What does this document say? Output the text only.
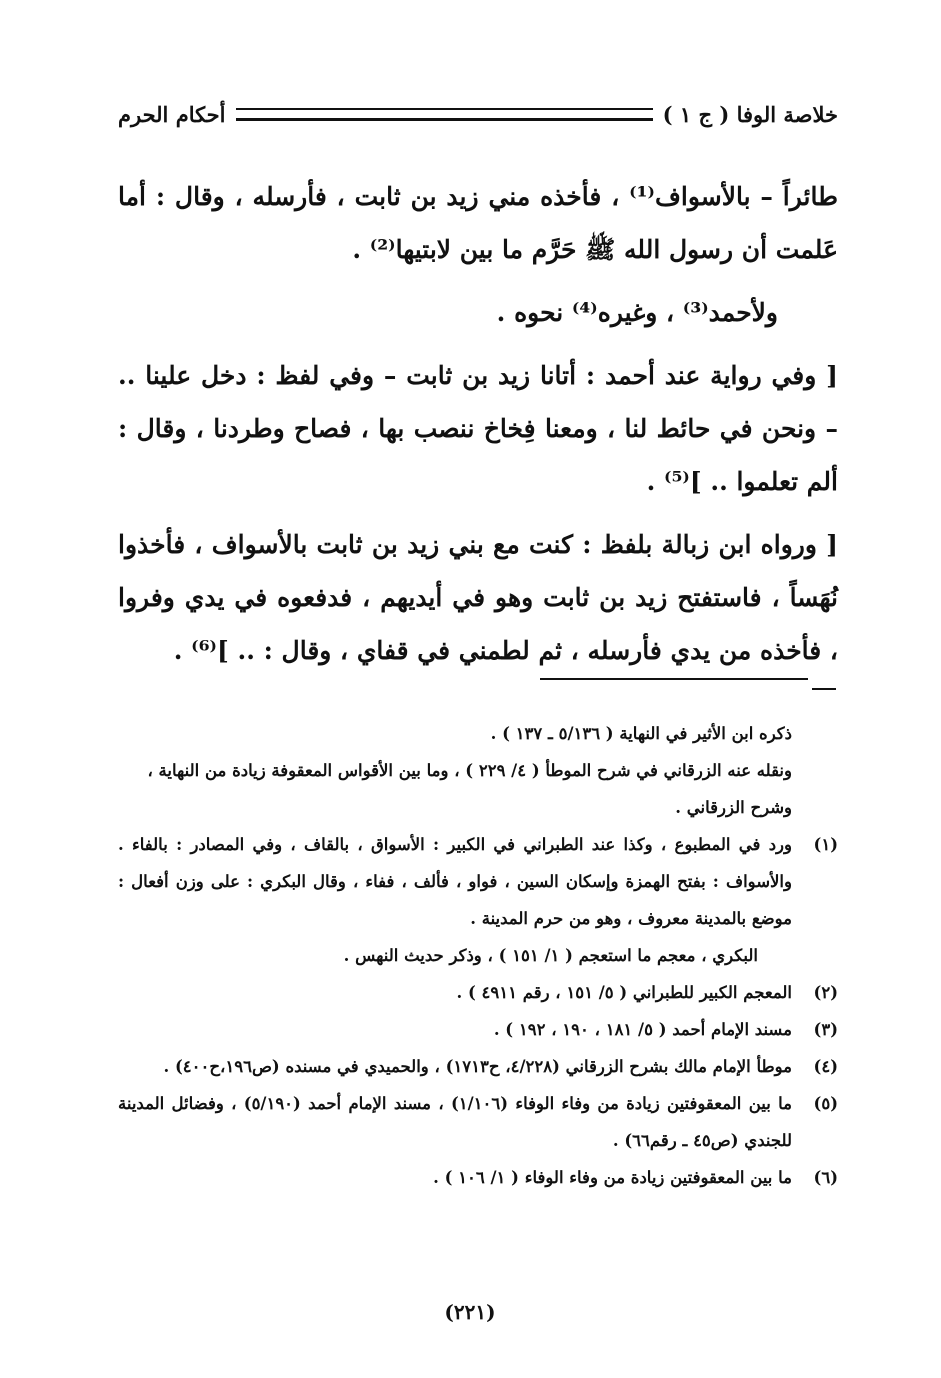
خلاصة الوفا ( ج ١ )
أحكام الحرم

طائراً – بالأسواف⁽¹⁾ ، فأخذه مني زيد بن ثابت ، فأرسله ، وقال : أما عَلمت أن رسول الله ﷺ حَرَّم ما بين لابتيها⁽²⁾ .

ولأحمد⁽³⁾ ، وغيره⁽⁴⁾ نحوه .

[ وفي رواية عند أحمد : أتانا زيد بن ثابت – وفي لفظ : دخل علينا .. – ونحن في حائط لنا ، ومعنا فِخاخ ننصب بها ، فصاح وطردنا ، وقال : ألم تعلموا .. ]⁽⁵⁾ .

[ ورواه ابن زبالة بلفظ : كنت مع بني زيد بن ثابت بالأسواف ، فأخذوا نُهَساً ، فاستفتح زيد بن ثابت وهو في أيديهم ، فدفعوه في يدي وفروا ، فأخذه من يدي فأرسله ، ثم لطمني في قفاي ، وقال : .. ]⁽⁶⁾ .

ذكره ابن الأثير في النهاية ( ٥/١٣٦ ـ ١٣٧ ) .

ونقله عنه الزرقاني في شرح الموطأ ( ٤/ ٢٢٩ ) ، وما بين الأقواس المعقوفة زيادة من النهاية ، وشرح الزرقاني .

(١)
ورد في المطبوع ، وكذا عند الطبراني في الكبير : الأسواق ، بالقاف ، وفي المصادر : بالفاء . والأسواف : بفتح الهمزة وإسكان السين ، فواو ، فألف ، ففاء ، وقال البكري : على وزن أفعال : موضع بالمدينة معروف ، وهو من حرم المدينة .

البكري ، معجم ما استعجم ( ١/ ١٥١ ) ، وذكر حديث النهس .

(٢)
المعجم الكبير للطبراني ( ٥/ ١٥١ ، رقم ٤٩١١ ) .
(٣)
مسند الإمام أحمد ( ٥/ ١٨١ ، ١٩٠ ، ١٩٢ ) .
(٤)
موطأ الإمام مالك بشرح الزرقاني (٤/٢٢٨، ح١٧١٣) ، والحميدي في مسنده (ص١٩٦،ح٤٠٠) .
(٥)
ما بين المعقوفتين زيادة من وفاء الوفاء (١/١٠٦) ، مسند الإمام أحمد (٥/١٩٠) ، وفضائل المدينة للجندي (ص٤٥ ـ رقم٦٦) .
(٦)
ما بين المعقوفتين زيادة من وفاء الوفاء ( ١/ ١٠٦ ) .
(٢٢١)
